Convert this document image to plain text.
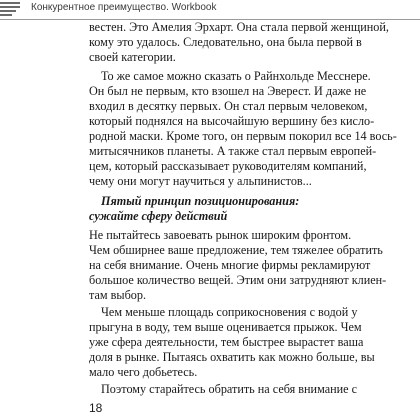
Конкурентное преимущество. Workbook
вестен. Это Амелия Эрхарт. Она стала первой женщиной,
кому это удалось. Следовательно, она была первой в
своей категории.
То же самое можно сказать о Райнхольде Месснере.
Он был не первым, кто взошел на Эверест. И даже не
входил в десятку первых. Он стал первым человеком,
который поднялся на высочайшую вершину без кисло-
родной маски. Кроме того, он первым покорил все 14 вось-
митысячников планеты. А также стал первым европей-
цем, который рассказывает руководителям компаний,
чему они могут научиться у альпинистов...
Пятый принцип позиционирования:
сужайте сферу действий
Не пытайтесь завоевать рынок широким фронтом.
Чем обширнее ваше предложение, тем тяжелее обратить
на себя внимание. Очень многие фирмы рекламируют
большое количество вещей. Этим они затрудняют клиен-
там выбор.
Чем меньше площадь соприкосновения с водой у
прыгуна в воду, тем выше оценивается прыжок. Чем
уже сфера деятельности, тем быстрее вырастет ваша
доля в рынке. Пытаясь охватить как можно больше, вы
мало чего добьетесь.
Поэтому старайтесь обратить на себя внимание с
18
